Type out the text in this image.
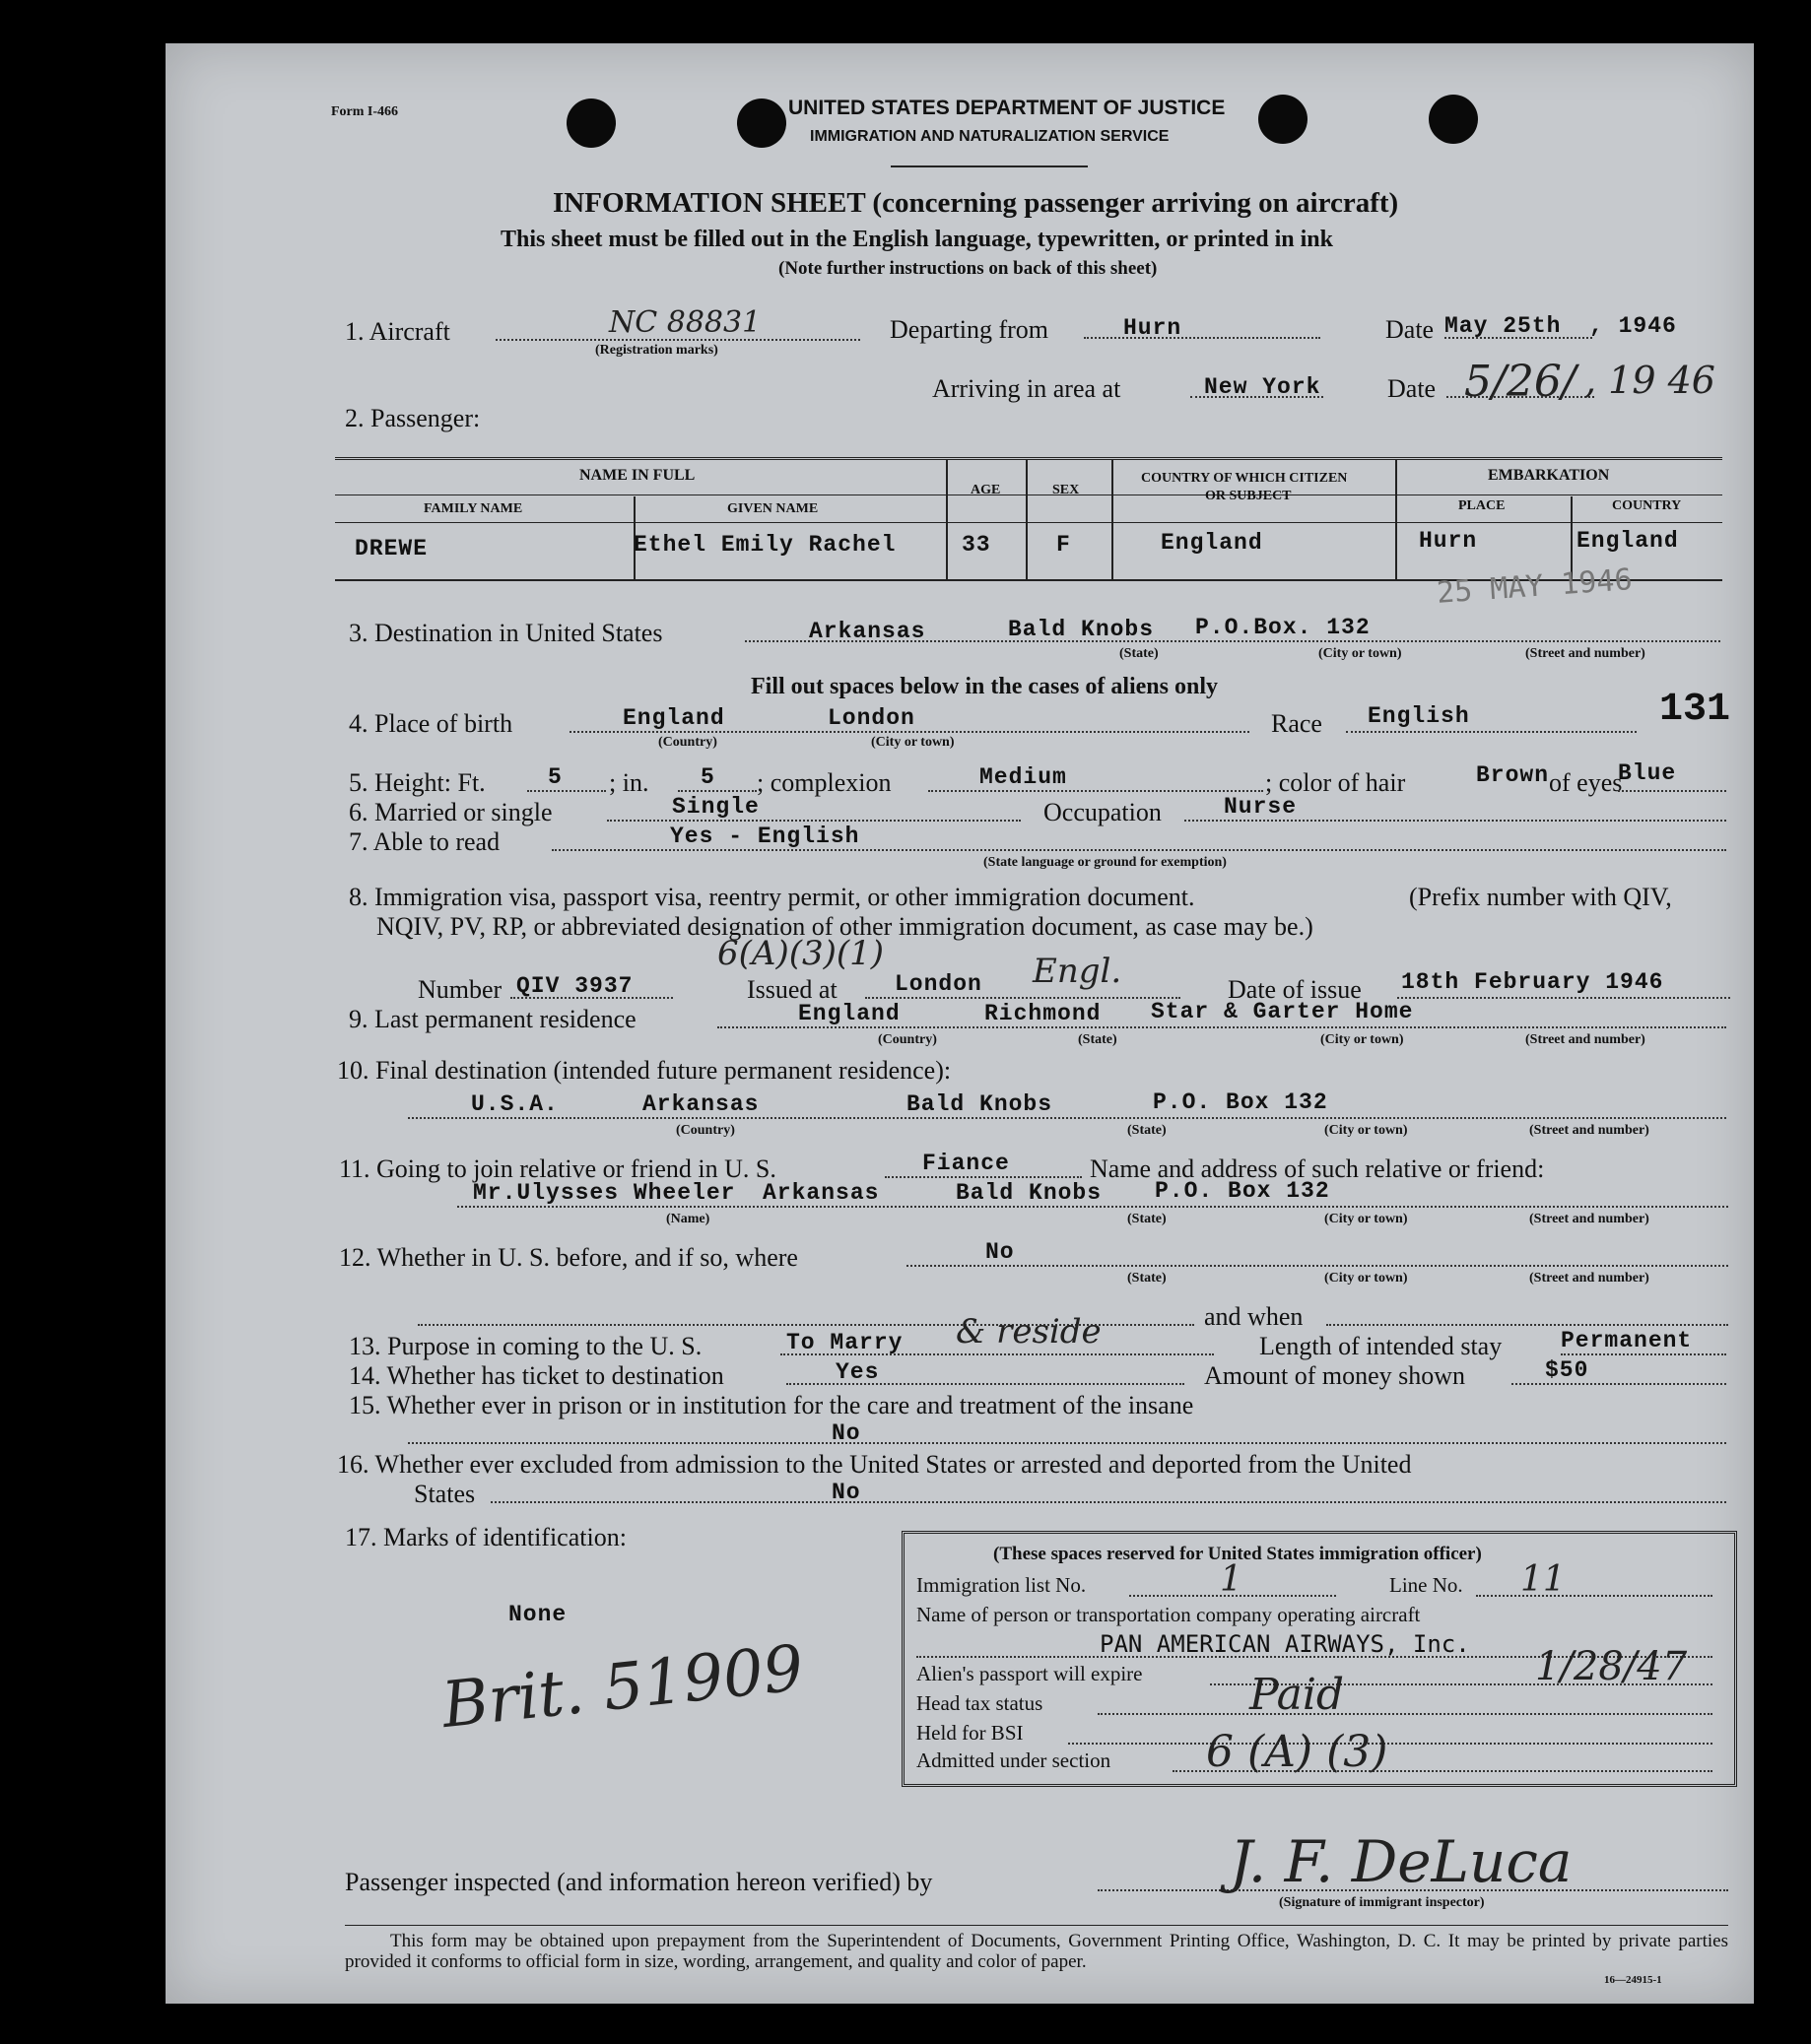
Form I-466	UNITED STATES DEPARTMENT OF JUSTICE
IMMIGRATION AND NATURALIZATION SERVICE
INFORMATION SHEET (concerning passenger arriving on aircraft)
This sheet must be filled out in the English language, typewritten, or printed in ink
(Note further instructions on back of this sheet)
1. Aircraft	NC 88831
(Registration marks)
Departing from	Hurn	Date May 25th , 1946
Arriving in area at	New York	Date 5/26/ , 19 46
2. Passenger:
NAME IN FULL
FAMILY NAME	GIVEN NAME
AGE	SEX
COUNTRY OF WHICH CITIZEN
OR SUBJECT
EMBARKATION
PLACE	COUNTRY
DREWE	Ethel Emily Rachel	33	F	England	Hurn	England
25 MAY 1946
3. Destination in United States	Arkansas	Bald Knobs P.O.Box. 132
(State)	(City or town)	(Street and number)
Fill out spaces below in the cases of aliens only
4. Place of birth	England	London
(Country)	(City or town)
Race English	131
5. Height: Ft.	5 ; in. 5 ; complexion	Medium	; color of hair	Brown of eyes
Blue
6. Married or single	Single	Occupation	Nurse
7. Able to read	Yes - English
(State language or ground for exemption)
8. Immigration visa, passport visa, reentry permit, or other immigration document.	(Prefix number with QIV,
NQIV, PV, RP, or abbreviated designation of other immigration document, as case may be.)
6(A)(3)(1)
Number QIV 3937	Issued at	London Engl.	Date of issue 18th February 1946
9. Last permanent residence	England	Richmond Star & Garter Home
(Country)	(State)	(City or town)	(Street and number)
10. Final destination (intended future permanent residence):
U.S.A.	Arkansas	Bald Knobs	P.O. Box 132
(Country)	(State)	(City or town)	(Street and number)
11. Going to join relative or friend in U. S.	Fiance	Name and address of such relative or friend:
Mr.Ulysses Wheeler Arkansas	Bald Knobs P.O. Box 132
(Name)	(State)	(City or town)	(Street and number)
12. Whether in U. S. before, and if so, where	No
(State)	(City or town)	(Street and number)
and when
13. Purpose in coming to the U. S.	To Marry & reside	Length of intended stay	Permanent
14. Whether has ticket to destination	Yes	Amount of money shown	$50
15. Whether ever in prison or in institution for the care and treatment of the insane
No
16. Whether ever excluded from admission to the United States or arrested and deported from the United
States	No
17. Marks of identification:
None
Brit. 51909
(These spaces reserved for United States immigration officer)
Immigration list No.	1	Line No. 11
Name of person or transportation company operating aircraft
PAN AMERICAN AIRWAYS, Inc.
Alien's passport will expire	1/28/47
Head tax status	Paid
Held for BSI
Admitted under section 6 (A) (3)
Passenger inspected (and information hereon verified) by	J. F. DeLuca
(Signature of immigrant inspector)
This form may be obtained upon prepayment from the Superintendent of Documents, Government Printing Office, Washington, D. C. It may be printed by private parties provided it conforms to official form in size, wording, arrangement, and quality and color of paper.
16—24915-1
